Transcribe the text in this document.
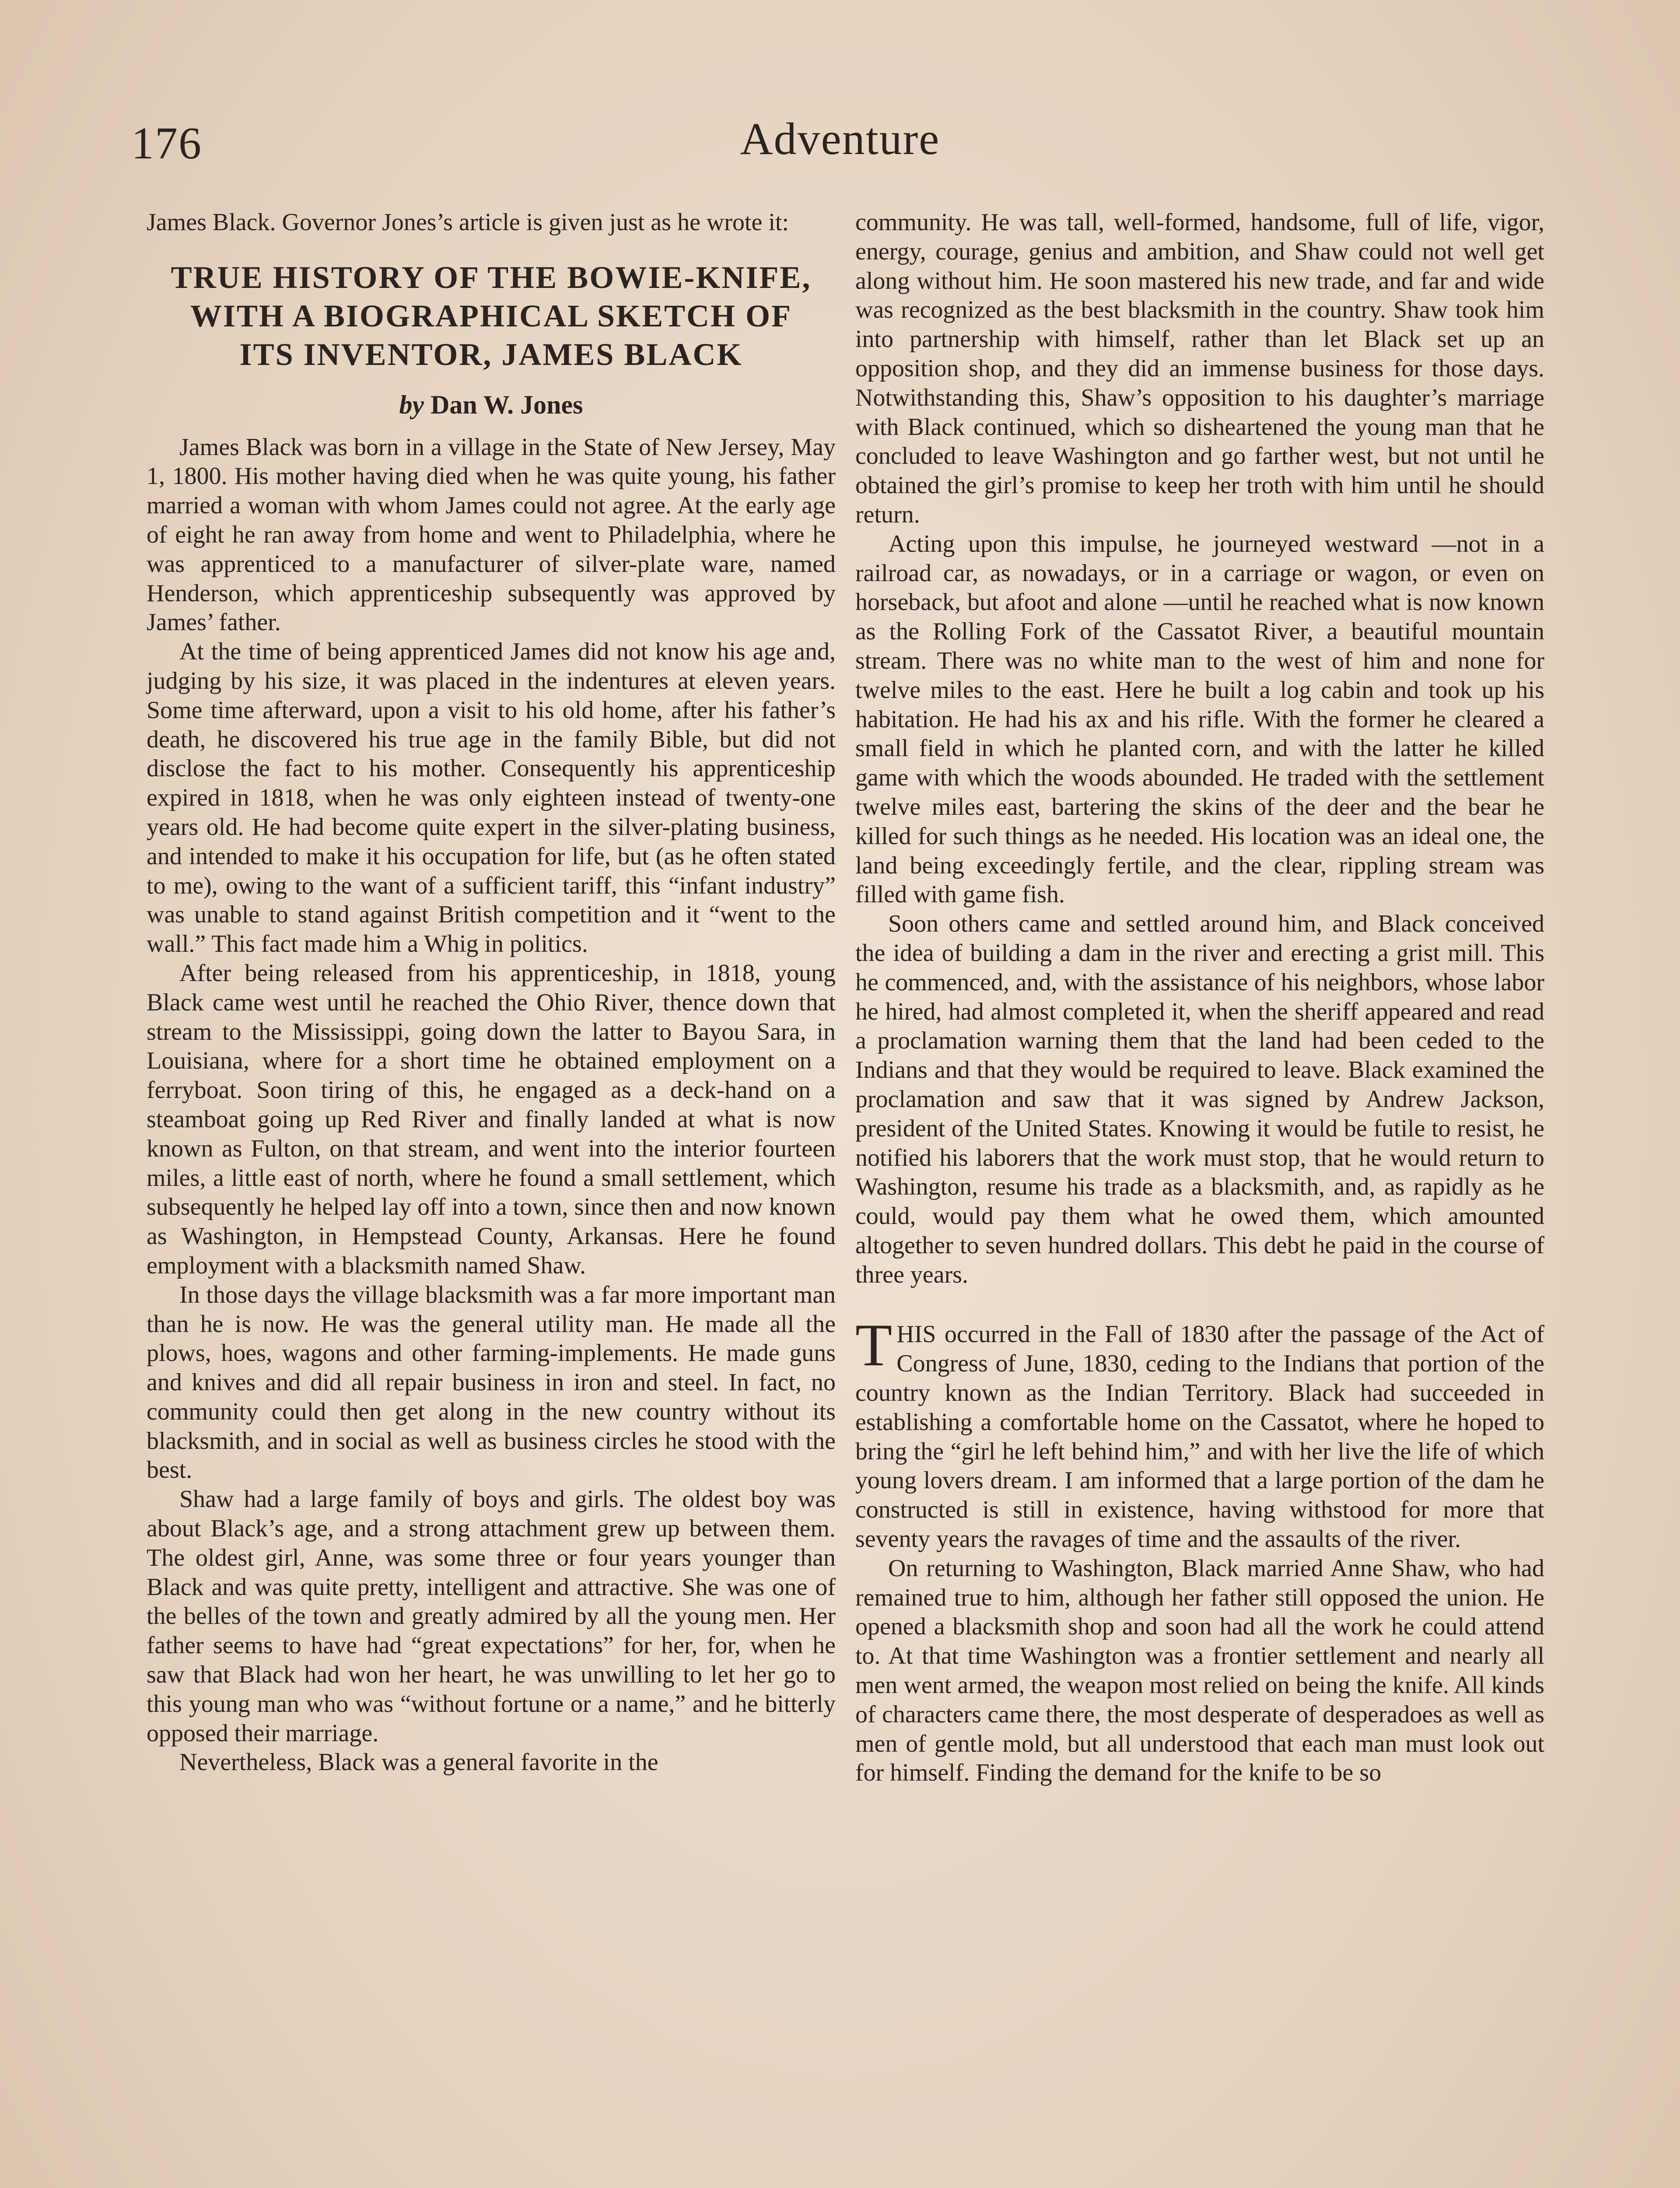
176	Adventure

James Black. Governor Jones’s article is given just as he wrote it:

TRUE HISTORY OF THE BOWIE-KNIFE, WITH A BIOGRAPHICAL SKETCH OF ITS INVENTOR, JAMES BLACK
by Dan W. Jones

James Black was born in a village in the State of New Jersey, May 1, 1800. His mother having died when he was quite young, his father married a woman with whom James could not agree. At the early age of eight he ran away from home and went to Philadelphia, where he was apprenticed to a manufacturer of silver-plate ware, named Henderson, which apprenticeship subsequently was approved by James’ father.

At the time of being apprenticed James did not know his age and, judging by his size, it was placed in the indentures at eleven years. Some time afterward, upon a visit to his old home, after his father’s death, he discovered his true age in the family Bible, but did not disclose the fact to his mother. Consequently his apprenticeship expired in 1818, when he was only eighteen instead of twenty-one years old. He had become quite expert in the silver-plating business, and intended to make it his occupation for life, but (as he often stated to me), owing to the want of a sufficient tariff, this “infant industry” was unable to stand against British competition and it “went to the wall.” This fact made him a Whig in politics.

After being released from his apprenticeship, in 1818, young Black came west until he reached the Ohio River, thence down that stream to the Mississippi, going down the latter to Bayou Sara, in Louisiana, where for a short time he obtained employment on a ferryboat. Soon tiring of this, he engaged as a deck-hand on a steamboat going up Red River and finally landed at what is now known as Fulton, on that stream, and went into the interior fourteen miles, a little east of north, where he found a small settlement, which subsequently he helped lay off into a town, since then and now known as Washington, in Hempstead County, Arkansas. Here he found employment with a blacksmith named Shaw.

In those days the village blacksmith was a far more important man than he is now. He was the general utility man. He made all the plows, hoes, wagons and other farming-implements. He made guns and knives and did all repair business in iron and steel. In fact, no community could then get along in the new country without its blacksmith, and in social as well as business circles he stood with the best.

Shaw had a large family of boys and girls. The oldest boy was about Black’s age, and a strong attachment grew up between them. The oldest girl, Anne, was some three or four years younger than Black and was quite pretty, intelligent and attractive. She was one of the belles of the town and greatly admired by all the young men. Her father seems to have had “great expectations” for her, for, when he saw that Black had won her heart, he was unwilling to let her go to this young man who was “without fortune or a name,” and he bitterly opposed their marriage.

Nevertheless, Black was a general favorite in the

community. He was tall, well-formed, handsome, full of life, vigor, energy, courage, genius and ambition, and Shaw could not well get along without him. He soon mastered his new trade, and far and wide was recognized as the best blacksmith in the country. Shaw took him into partnership with himself, rather than let Black set up an opposition shop, and they did an immense business for those days. Notwithstanding this, Shaw’s opposition to his daughter’s marriage with Black continued, which so disheartened the young man that he concluded to leave Washington and go farther west, but not until he obtained the girl’s promise to keep her troth with him until he should return.

Acting upon this impulse, he journeyed westward —not in a railroad car, as nowadays, or in a carriage or wagon, or even on horseback, but afoot and alone —until he reached what is now known as the Rolling Fork of the Cassatot River, a beautiful mountain stream. There was no white man to the west of him and none for twelve miles to the east. Here he built a log cabin and took up his habitation. He had his ax and his rifle. With the former he cleared a small field in which he planted corn, and with the latter he killed game with which the woods abounded. He traded with the settlement twelve miles east, bartering the skins of the deer and the bear he killed for such things as he needed. His location was an ideal one, the land being exceedingly fertile, and the clear, rippling stream was filled with game fish.

Soon others came and settled around him, and Black conceived the idea of building a dam in the river and erecting a grist mill. This he commenced, and, with the assistance of his neighbors, whose labor he hired, had almost completed it, when the sheriff appeared and read a proclamation warning them that the land had been ceded to the Indians and that they would be required to leave. Black examined the proclamation and saw that it was signed by Andrew Jackson, president of the United States. Knowing it would be futile to resist, he notified his laborers that the work must stop, that he would return to Washington, resume his trade as a blacksmith, and, as rapidly as he could, would pay them what he owed them, which amounted altogether to seven hundred dollars. This debt he paid in the course of three years.

THIS occurred in the Fall of 1830 after the passage of the Act of Congress of June, 1830, ceding to the Indians that portion of the country known as the Indian Territory. Black had succeeded in establishing a comfortable home on the Cassatot, where he hoped to bring the “girl he left behind him,” and with her live the life of which young lovers dream. I am informed that a large portion of the dam he constructed is still in existence, having withstood for more that seventy years the ravages of time and the assaults of the river.

On returning to Washington, Black married Anne Shaw, who had remained true to him, although her father still opposed the union. He opened a blacksmith shop and soon had all the work he could attend to. At that time Washington was a frontier settlement and nearly all men went armed, the weapon most relied on being the knife. All kinds of characters came there, the most desperate of desperadoes as well as men of gentle mold, but all understood that each man must look out for himself. Finding the demand for the knife to be so
